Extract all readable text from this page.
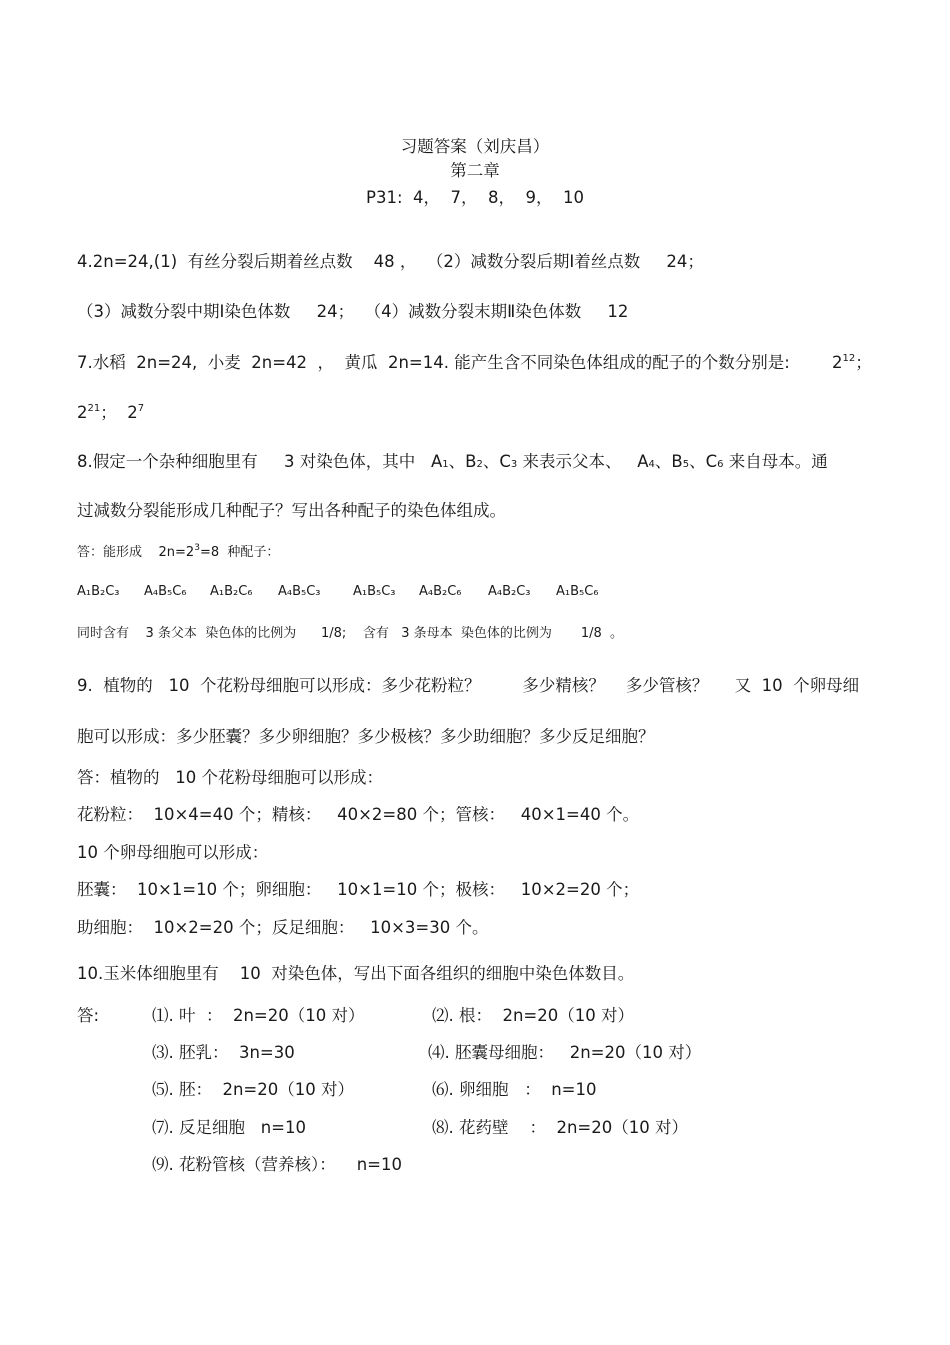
习题答案（刘庆昌）
第二章
P31:  4，  7，  8，  9，  10
4.2n=24,(1)  有丝分裂后期着丝点数    48 ，  （2）减数分裂后期Ⅰ着丝点数     24；
（3）减数分裂中期Ⅰ染色体数     24；  （4）减数分裂末期Ⅱ染色体数     12
7.水稻  2n=24,  小麦  2n=42  ，  黄瓜  2n=14. 能产生含不同染色体组成的配子的个数分别是:	$2^{12}$；
$2^{21}$；  $2^7$
8.假定一个杂种细胞里有     3 对染色体，其中   A1、B2、C3 来表示父本、   A4、B5、C6 来自母本。通
过减数分裂能形成几种配子？写出各种配子的染色体组成。
答：能形成    $2n=2^3=8$  种配子：
A₁B₂C₃ A₄B₅C₆ A₁B₂C₆ A₄B₅C₃ A₁B₅C₃ A₄B₂C₆ A₄B₂C₃ A₁B₅C₆
同时含有    3 条父本  染色体的比例为      1/8;    含有   3 条母本  染色体的比例为       1/8  。
9.  植物的   10  个花粉母细胞可以形成：多少花粉粒？        多少精核？    多少管核？     又  10  个卵母细
胞可以形成：多少胚囊？多少卵细胞？多少极核？多少助细胞？多少反足细胞？
答：植物的   10 个花粉母细胞可以形成：
花粉粒：  10×4=40 个；精核：   40×2=80 个；管核：   40×1=40 个。
10 个卵母细胞可以形成：
胚囊：  10×1=10 个；卵细胞：   10×1=10 个；极核：   10×2=20 个；
助细胞：  10×2=20 个；反足细胞：   10×3=30 个。
10.玉米体细胞里有    10  对染色体，写出下面各组织的细胞中染色体数目。
答:	⑴. 叶  ：  2n=20（10 对）	⑵. 根：  2n=20（10 对）
⑶. 胚乳：  3n=30	⑷. 胚囊母细胞：   2n=20（10 对）
⑸. 胚：  2n=20（10 对）	⑹. 卵细胞   ：  n=10
⑺. 反足细胞   n=10	⑻. 花药壁    ：  2n=20（10 对）
⑼. 花粉管核（营养核）：    n=10
